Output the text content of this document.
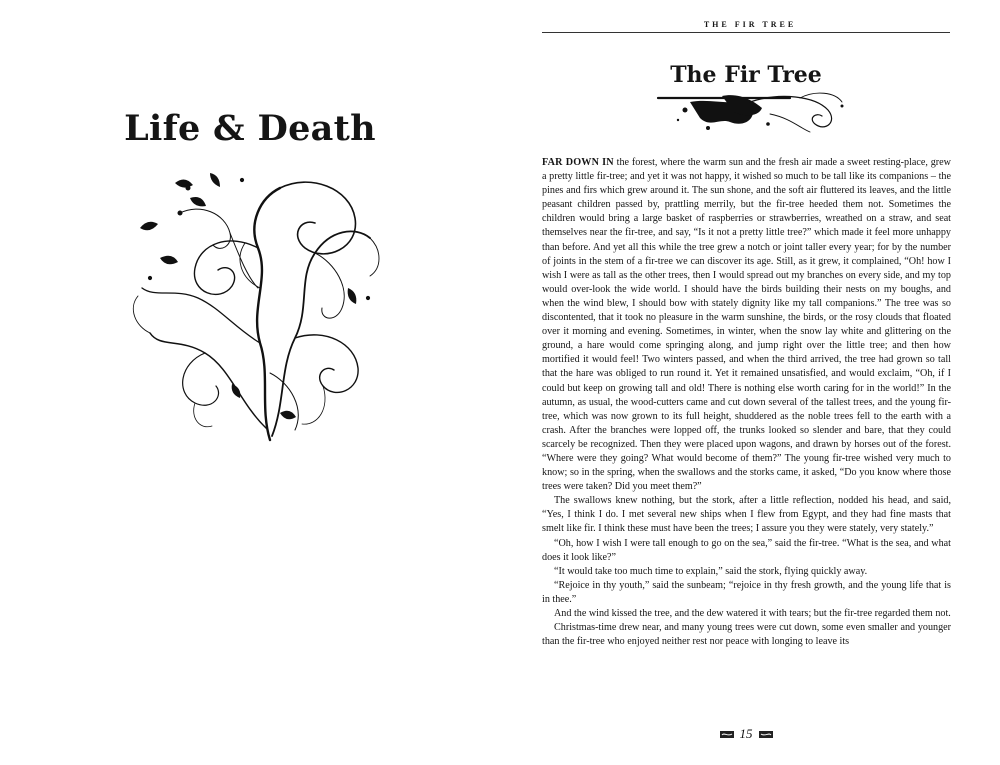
Life & Death
THE FIR TREE
The Fir Tree

FAR DOWN IN the forest, where the warm sun and the fresh air made a sweet resting-place, grew a pretty little fir-tree; and yet it was not happy, it wished so much to be tall like its companions – the pines and firs which grew around it. The sun shone, and the soft air fluttered its leaves, and the little peasant children passed by, prattling merrily, but the fir-tree heeded them not. Sometimes the children would bring a large basket of raspberries or strawberries, wreathed on a straw, and seat themselves near the fir-tree, and say, “Is it not a pretty little tree?” which made it feel more unhappy than before. And yet all this while the tree grew a notch or joint taller every year; for by the number of joints in the stem of a fir-tree we can discover its age. Still, as it grew, it complained, “Oh! how I wish I were as tall as the other trees, then I would spread out my branches on every side, and my top would over-look the wide world. I should have the birds building their nests on my boughs, and when the wind blew, I should bow with stately dignity like my tall companions.” The tree was so discontented, that it took no pleasure in the warm sunshine, the birds, or the rosy clouds that floated over it morning and evening. Sometimes, in winter, when the snow lay white and glittering on the ground, a hare would come springing along, and jump right over the little tree; and then how mortified it would feel! Two winters passed, and when the third arrived, the tree had grown so tall that the hare was obliged to run round it. Yet it remained unsatisfied, and would exclaim, “Oh, if I could but keep on growing tall and old! There is nothing else worth caring for in the world!” In the autumn, as usual, the wood-cutters came and cut down several of the tallest trees, and the young fir-tree, which was now grown to its full height, shuddered as the noble trees fell to the earth with a crash. After the branches were lopped off, the trunks looked so slender and bare, that they could scarcely be recognized. Then they were placed upon wagons, and drawn by horses out of the forest. “Where were they going? What would become of them?” The young fir-tree wished very much to know; so in the spring, when the swallows and the storks came, it asked, “Do you know where those trees were taken? Did you meet them?”

The swallows knew nothing, but the stork, after a little reflection, nodded his head, and said, “Yes, I think I do. I met several new ships when I flew from Egypt, and they had fine masts that smelt like fir. I think these must have been the trees; I assure you they were stately, very stately.”

“Oh, how I wish I were tall enough to go on the sea,” said the fir-tree. “What is the sea, and what does it look like?”

“It would take too much time to explain,” said the stork, flying quickly away.

“Rejoice in thy youth,” said the sunbeam; “rejoice in thy fresh growth, and the young life that is in thee.”

And the wind kissed the tree, and the dew watered it with tears; but the fir-tree regarded them not.

Christmas-time drew near, and many young trees were cut down, some even smaller and younger than the fir-tree who enjoyed neither rest nor peace with longing to leave its

15
